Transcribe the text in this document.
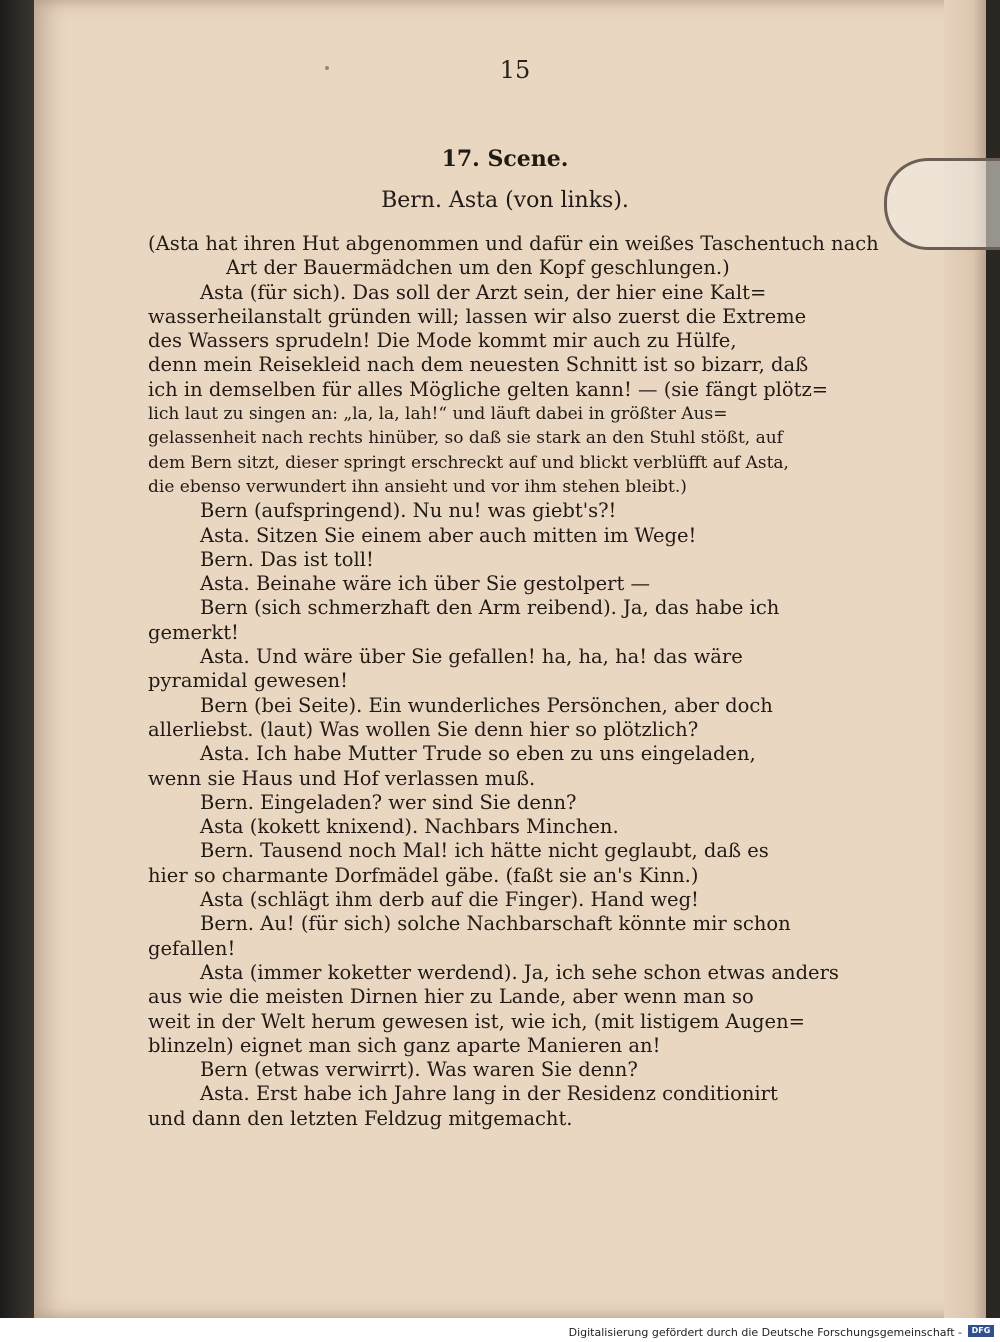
15
17. Scene.
Bern. Asta (von links).
(Asta hat ihren Hut abgenommen und dafür ein weißes Taschentuch nach
Art der Bauermädchen um den Kopf geschlungen.)
Asta (für sich). Das soll der Arzt sein, der hier eine Kalt=
wasserheilanstalt gründen will; lassen wir also zuerst die Extreme
des Wassers sprudeln! Die Mode kommt mir auch zu Hülfe,
denn mein Reisekleid nach dem neuesten Schnitt ist so bizarr, daß
ich in demselben für alles Mögliche gelten kann! — (sie fängt plötz=
lich laut zu singen an: „la, la, lah!“ und läuft dabei in größter Aus=
gelassenheit nach rechts hinüber, so daß sie stark an den Stuhl stößt, auf
dem Bern sitzt, dieser springt erschreckt auf und blickt verblüfft auf Asta,
die ebenso verwundert ihn ansieht und vor ihm stehen bleibt.)
Bern (aufspringend). Nu nu! was giebt's?!
Asta. Sitzen Sie einem aber auch mitten im Wege!
Bern. Das ist toll!
Asta. Beinahe wäre ich über Sie gestolpert —
Bern (sich schmerzhaft den Arm reibend). Ja, das habe ich
gemerkt!
Asta. Und wäre über Sie gefallen! ha, ha, ha! das wäre
pyramidal gewesen!
Bern (bei Seite). Ein wunderliches Persönchen, aber doch
allerliebst. (laut) Was wollen Sie denn hier so plötzlich?
Asta. Ich habe Mutter Trude so eben zu uns eingeladen,
wenn sie Haus und Hof verlassen muß.
Bern. Eingeladen? wer sind Sie denn?
Asta (kokett knixend). Nachbars Minchen.
Bern. Tausend noch Mal! ich hätte nicht geglaubt, daß es
hier so charmante Dorfmädel gäbe. (faßt sie an's Kinn.)
Asta (schlägt ihm derb auf die Finger). Hand weg!
Bern. Au! (für sich) solche Nachbarschaft könnte mir schon
gefallen!
Asta (immer koketter werdend). Ja, ich sehe schon etwas anders
aus wie die meisten Dirnen hier zu Lande, aber wenn man so
weit in der Welt herum gewesen ist, wie ich, (mit listigem Augen=
blinzeln) eignet man sich ganz aparte Manieren an!
Bern (etwas verwirrt). Was waren Sie denn?
Asta. Erst habe ich Jahre lang in der Residenz conditionirt
und dann den letzten Feldzug mitgemacht.
Digitalisierung gefördert durch die Deutsche Forschungsgemeinschaft -	DFG
